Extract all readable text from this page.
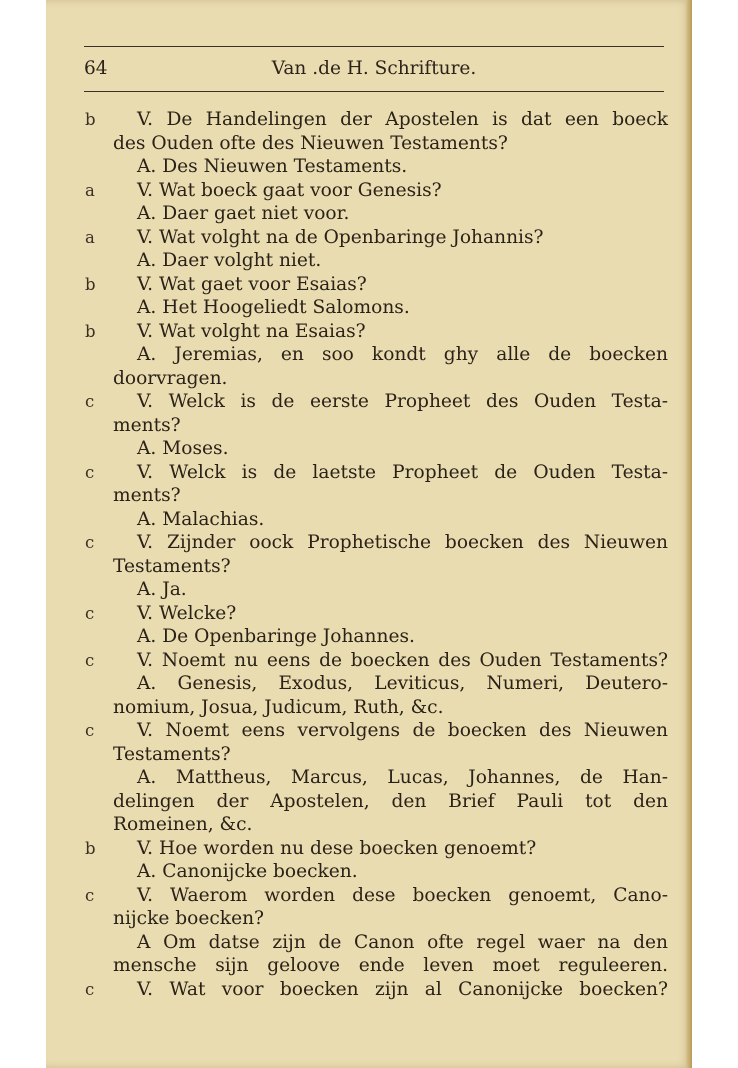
64	Van .de H. Schrifture.
b V. De Handelingen der Apostelen is dat een boeck
des Ouden ofte des Nieuwen Testaments?
A. Des Nieuwen Testaments.
a	V. Wat boeck gaat voor Genesis?
A. Daer gaet niet voor.
a	V. Wat volght na de Openbaringe Johannis?
A. Daer volght niet.
b V. Wat gaet voor Esaias?
A. Het Hoogeliedt Salomons.
b V. Wat volght na Esaias?
A. Jeremias, en soo kondt ghy alle de boecken
doorvragen.
c	V. Welck is de eerste Propheet des Ouden Testa-
ments?
A. Moses.
c	V. Welck is de laetste Propheet de Ouden Testa-
ments?
A. Malachias.
c	V. Zijnder oock Prophetische boecken des Nieuwen
Testaments?
A. Ja.
c	V. Welcke?
A. De Openbaringe Johannes.
c	V. Noemt nu eens de boecken des Ouden Testaments?
A. Genesis, Exodus, Leviticus, Numeri, Deutero-
nomium, Josua, Judicum, Ruth, &c.
c	V. Noemt eens vervolgens de boecken des Nieuwen
Testaments?
A. Mattheus, Marcus, Lucas, Johannes, de Han-
delingen der Apostelen, den Brief Pauli tot den
Romeinen, &c.
b V. Hoe worden nu dese boecken genoemt?
A. Canonijcke boecken.
c	V. Waerom worden dese boecken genoemt, Cano-
nijcke boecken?
A Om datse zijn de Canon ofte regel waer na den
mensche sijn geloove ende leven moet reguleeren.
c	V. Wat voor boecken zijn al Canonijcke boecken?
